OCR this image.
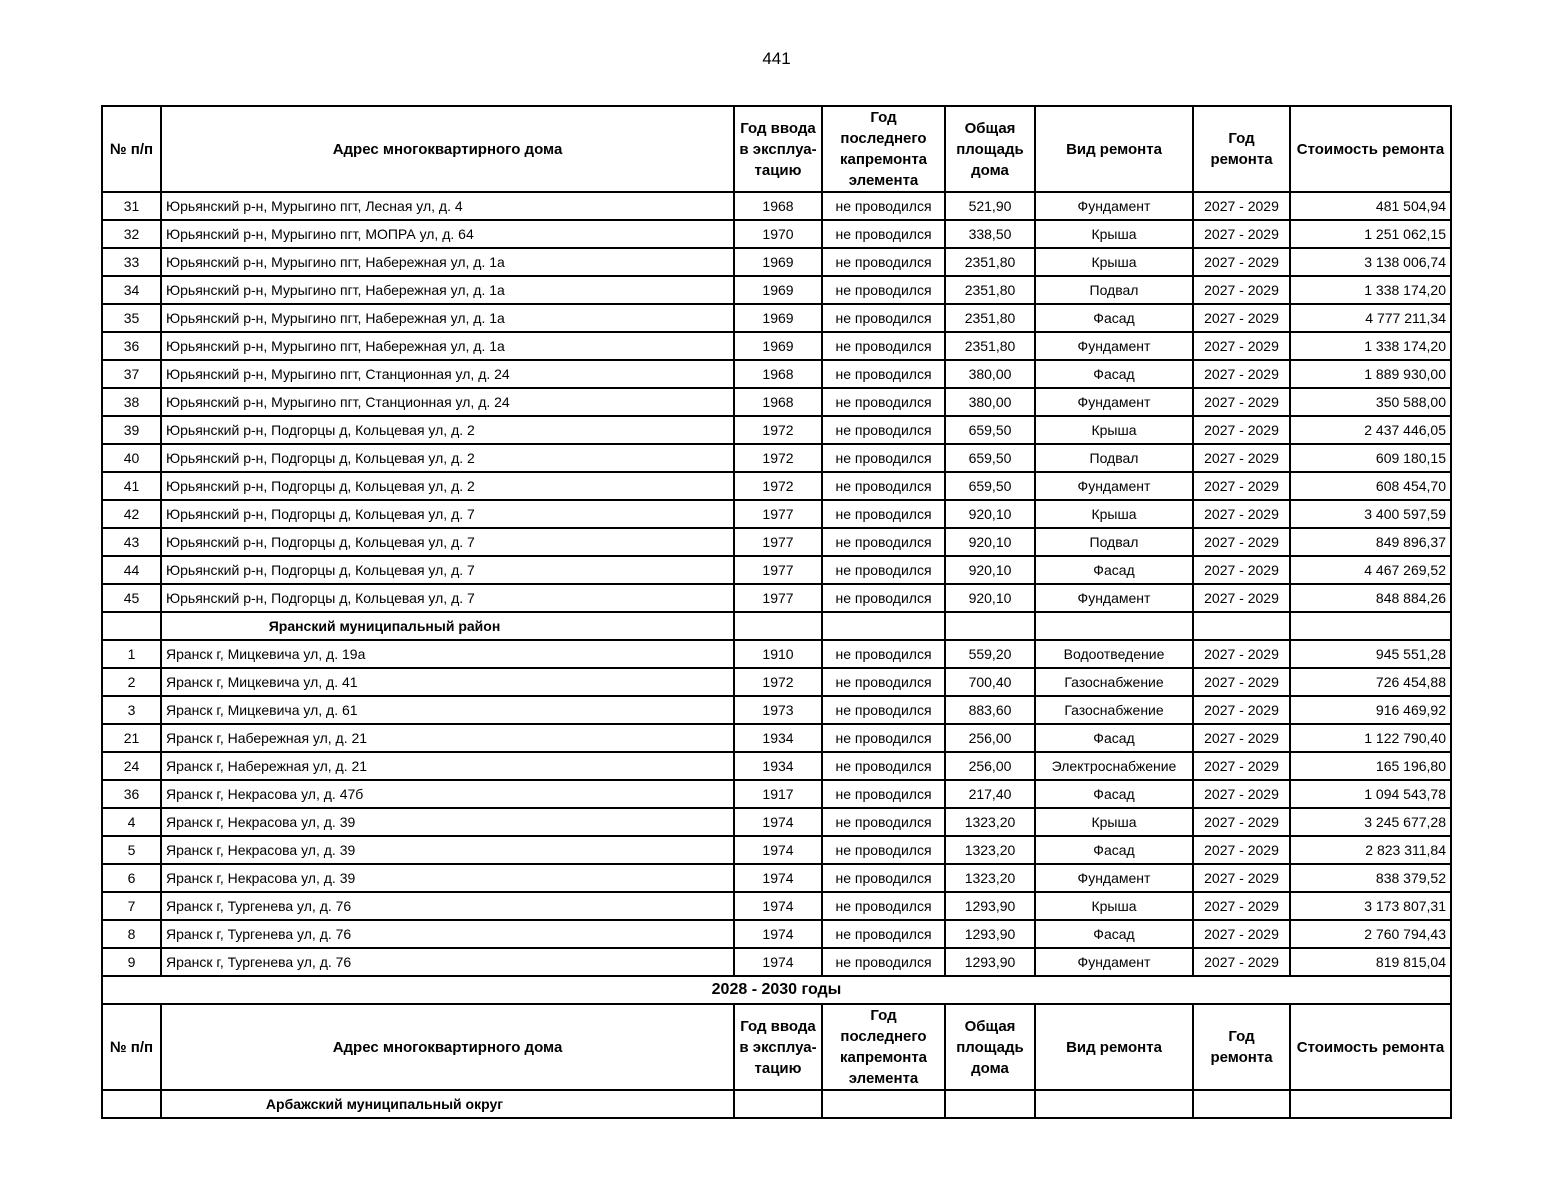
441
№ п/п	Адрес многоквартирного дома	Год ввода в эксплуа-тацию	Год последнего капремонта элемента	Общая площадь дома	Вид ремонта	Год ремонта	Стоимость ремонта
31	Юрьянский р-н, Мурыгино пгт, Лесная ул, д. 4	1968	не проводился	521,90	Фундамент	2027 - 2029	481 504,94
32	Юрьянский р-н, Мурыгино пгт, МОПРА ул, д. 64	1970	не проводился	338,50	Крыша	2027 - 2029	1 251 062,15
33	Юрьянский р-н, Мурыгино пгт, Набережная ул, д. 1а	1969	не проводился	2351,80	Крыша	2027 - 2029	3 138 006,74
34	Юрьянский р-н, Мурыгино пгт, Набережная ул, д. 1а	1969	не проводился	2351,80	Подвал	2027 - 2029	1 338 174,20
35	Юрьянский р-н, Мурыгино пгт, Набережная ул, д. 1а	1969	не проводился	2351,80	Фасад	2027 - 2029	4 777 211,34
36	Юрьянский р-н, Мурыгино пгт, Набережная ул, д. 1а	1969	не проводился	2351,80	Фундамент	2027 - 2029	1 338 174,20
37	Юрьянский р-н, Мурыгино пгт, Станционная ул, д. 24	1968	не проводился	380,00	Фасад	2027 - 2029	1 889 930,00
38	Юрьянский р-н, Мурыгино пгт, Станционная ул, д. 24	1968	не проводился	380,00	Фундамент	2027 - 2029	350 588,00
39	Юрьянский р-н, Подгорцы д, Кольцевая ул, д. 2	1972	не проводился	659,50	Крыша	2027 - 2029	2 437 446,05
40	Юрьянский р-н, Подгорцы д, Кольцевая ул, д. 2	1972	не проводился	659,50	Подвал	2027 - 2029	609 180,15
41	Юрьянский р-н, Подгорцы д, Кольцевая ул, д. 2	1972	не проводился	659,50	Фундамент	2027 - 2029	608 454,70
42	Юрьянский р-н, Подгорцы д, Кольцевая ул, д. 7	1977	не проводился	920,10	Крыша	2027 - 2029	3 400 597,59
43	Юрьянский р-н, Подгорцы д, Кольцевая ул, д. 7	1977	не проводился	920,10	Подвал	2027 - 2029	849 896,37
44	Юрьянский р-н, Подгорцы д, Кольцевая ул, д. 7	1977	не проводился	920,10	Фасад	2027 - 2029	4 467 269,52
45	Юрьянский р-н, Подгорцы д, Кольцевая ул, д. 7	1977	не проводился	920,10	Фундамент	2027 - 2029	848 884,26
	Яранский муниципальный район						
1	Яранск г, Мицкевича ул, д. 19а	1910	не проводился	559,20	Водоотведение	2027 - 2029	945 551,28
2	Яранск г, Мицкевича ул, д. 41	1972	не проводился	700,40	Газоснабжение	2027 - 2029	726 454,88
3	Яранск г, Мицкевича ул, д. 61	1973	не проводился	883,60	Газоснабжение	2027 - 2029	916 469,92
21	Яранск г, Набережная ул, д. 21	1934	не проводился	256,00	Фасад	2027 - 2029	1 122 790,40
24	Яранск г, Набережная ул, д. 21	1934	не проводился	256,00	Электроснабжение	2027 - 2029	165 196,80
36	Яранск г, Некрасова ул, д. 47б	1917	не проводился	217,40	Фасад	2027 - 2029	1 094 543,78
4	Яранск г, Некрасова ул, д. 39	1974	не проводился	1323,20	Крыша	2027 - 2029	3 245 677,28
5	Яранск г, Некрасова ул, д. 39	1974	не проводился	1323,20	Фасад	2027 - 2029	2 823 311,84
6	Яранск г, Некрасова ул, д. 39	1974	не проводился	1323,20	Фундамент	2027 - 2029	838 379,52
7	Яранск г, Тургенева ул, д. 76	1974	не проводился	1293,90	Крыша	2027 - 2029	3 173 807,31
8	Яранск г, Тургенева ул, д. 76	1974	не проводился	1293,90	Фасад	2027 - 2029	2 760 794,43
9	Яранск г, Тургенева ул, д. 76	1974	не проводился	1293,90	Фундамент	2027 - 2029	819 815,04
2028 - 2030 годы							
№ п/п	Адрес многоквартирного дома	Год ввода в эксплуа-тацию	Год последнего капремонта элемента	Общая площадь дома	Вид ремонта	Год ремонта	Стоимость ремонта
	Арбажский муниципальный округ						
